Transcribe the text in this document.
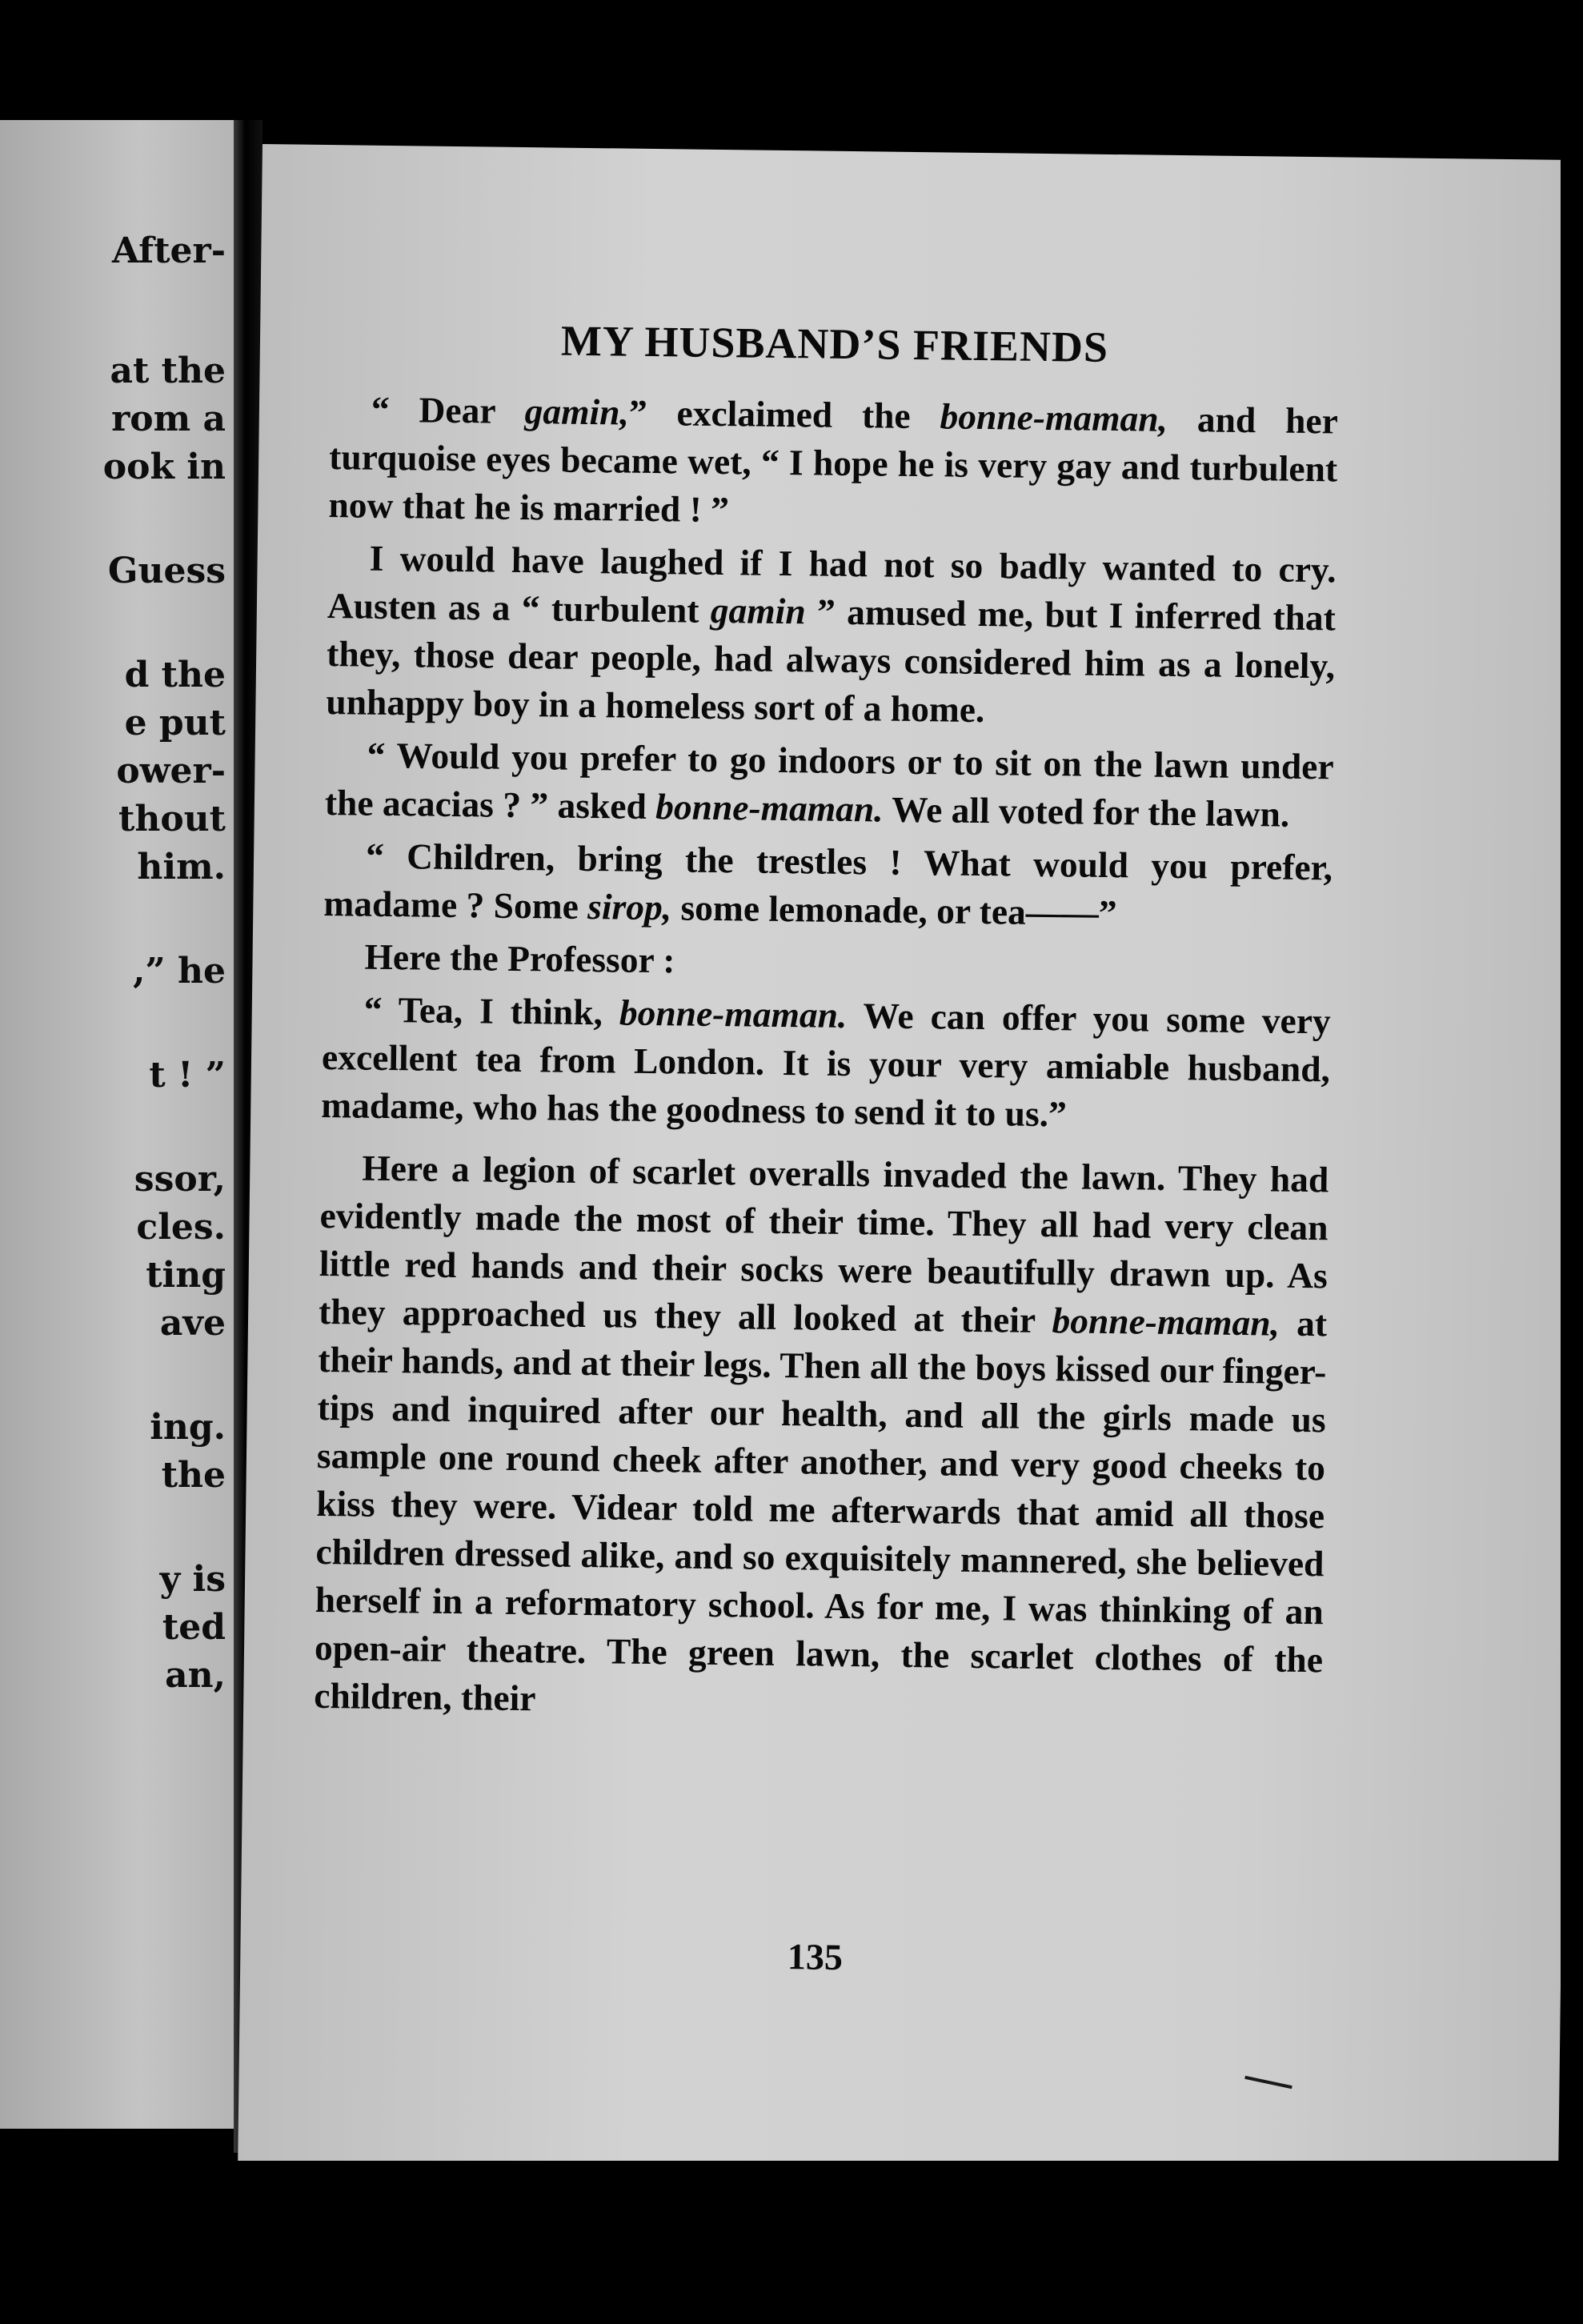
After-
at the
rom a
ook in
Guess
d the
e put
ower-
thout
him.
,” he
t ! ”
ssor,
cles.
ting
ave
ing.
the
y is
ted
an,
MY HUSBAND’S FRIENDS

“ Dear gamin,” exclaimed the bonne-maman, and her turquoise eyes became wet, “ I hope he is very gay and turbulent now that he is married ! ”

I would have laughed if I had not so badly wanted to cry. Austen as a “ turbulent gamin ” amused me, but I inferred that they, those dear people, had always considered him as a lonely, unhappy boy in a homeless sort of a home.

“ Would you prefer to go indoors or to sit on the lawn under the acacias ? ” asked bonne-maman. We all voted for the lawn.

“ Children, bring the trestles ! What would you prefer, madame ? Some sirop, some lemonade, or tea——”

Here the Professor :

“ Tea, I think, bonne-maman. We can offer you some very excellent tea from London. It is your very amiable husband, madame, who has the goodness to send it to us.”

Here a legion of scarlet overalls invaded the lawn. They had evidently made the most of their time. They all had very clean little red hands and their socks were beautifully drawn up. As they approached us they all looked at their bonne-maman, at their hands, and at their legs. Then all the boys kissed our finger-tips and inquired after our health, and all the girls made us sample one round cheek after another, and very good cheeks to kiss they were. Videar told me afterwards that amid all those children dressed alike, and so exquisitely mannered, she believed herself in a reformatory school. As for me, I was thinking of an open-air theatre. The green lawn, the scarlet clothes of the children, their

135
